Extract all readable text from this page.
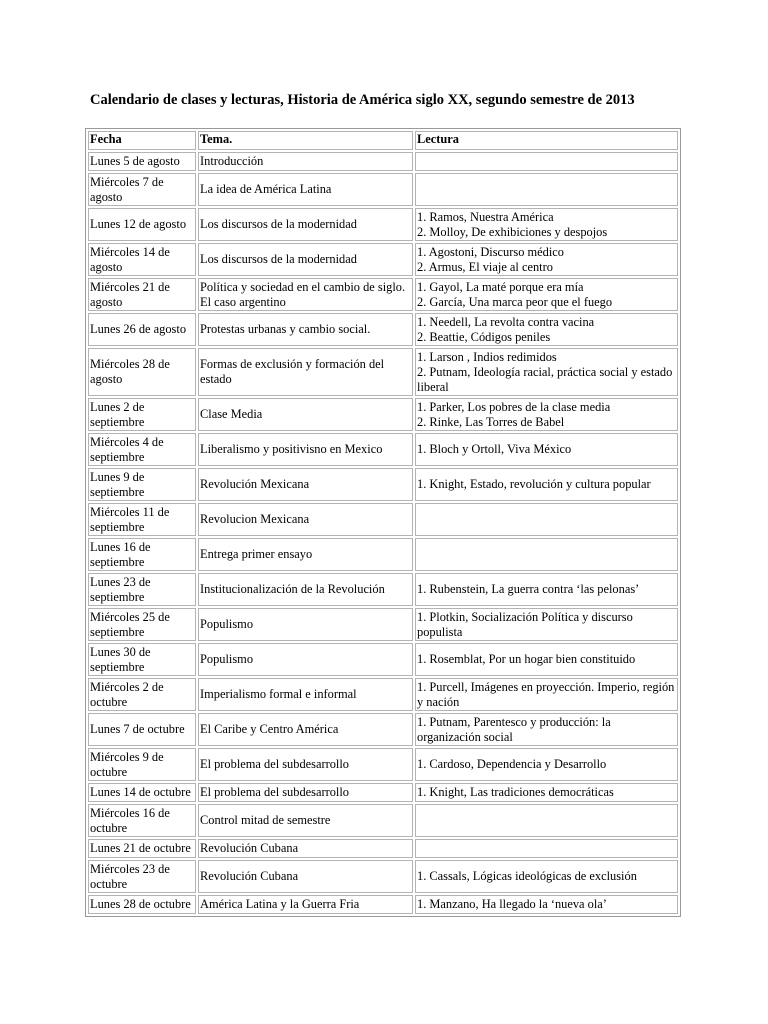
Calendario de clases y lecturas, Historia de América siglo XX, segundo semestre de 2013
Fecha	Tema.	Lectura
Lunes 5 de agosto	Introducción	
Miércoles 7 de agosto	La idea de América Latina	
Lunes 12 de agosto	Los discursos de la modernidad	1. Ramos, Nuestra América
2. Molloy, De exhibiciones y despojos
Miércoles 14 de agosto	Los discursos de la modernidad	1. Agostoni, Discurso médico
2. Armus, El viaje al centro
Miércoles 21 de agosto	Política y sociedad en el cambio de siglo. El caso argentino	1. Gayol, La maté porque era mía
2. García, Una marca peor que el fuego
Lunes 26 de agosto	Protestas urbanas y cambio social.	1. Needell, La revolta contra vacina
2. Beattie, Códigos peniles
Miércoles 28 de agosto	Formas de exclusión y formación del estado	1. Larson , Indios redimidos
2. Putnam, Ideología racial, práctica social y estado liberal
Lunes 2 de septiembre	Clase Media	1. Parker, Los pobres de la clase media
2. Rinke, Las Torres de Babel
Miércoles 4 de septiembre	Liberalismo y positivisno en Mexico	1. Bloch y Ortoll, Viva México
Lunes 9 de septiembre	Revolución Mexicana	1. Knight, Estado, revolución y cultura popular
Miércoles 11 de septiembre	Revolucion Mexicana	
Lunes 16 de septiembre	Entrega primer ensayo	
Lunes 23 de septiembre	Institucionalización de la Revolución	1. Rubenstein, La guerra contra ‘las pelonas’
Miércoles 25 de septiembre	Populismo	1. Plotkin, Socialización Política y discurso populista
Lunes 30 de septiembre	Populismo	1. Rosemblat, Por un hogar bien constituido
Miércoles 2 de octubre	Imperialismo formal e informal	1. Purcell, Imágenes en proyección. Imperio, región y nación
Lunes 7 de octubre	El Caribe y Centro América	1. Putnam, Parentesco y producción: la organización social
Miércoles 9 de octubre	El problema del subdesarrollo	1. Cardoso, Dependencia y Desarrollo
Lunes 14 de octubre	El problema del subdesarrollo	1. Knight, Las tradiciones democráticas
Miércoles 16 de octubre	Control mitad de semestre	
Lunes 21 de octubre	Revolución Cubana	
Miércoles 23 de octubre	Revolución Cubana	1. Cassals, Lógicas ideológicas de exclusión
Lunes 28 de octubre	América Latina y la Guerra Fria	1. Manzano, Ha llegado la ‘nueva ola’
